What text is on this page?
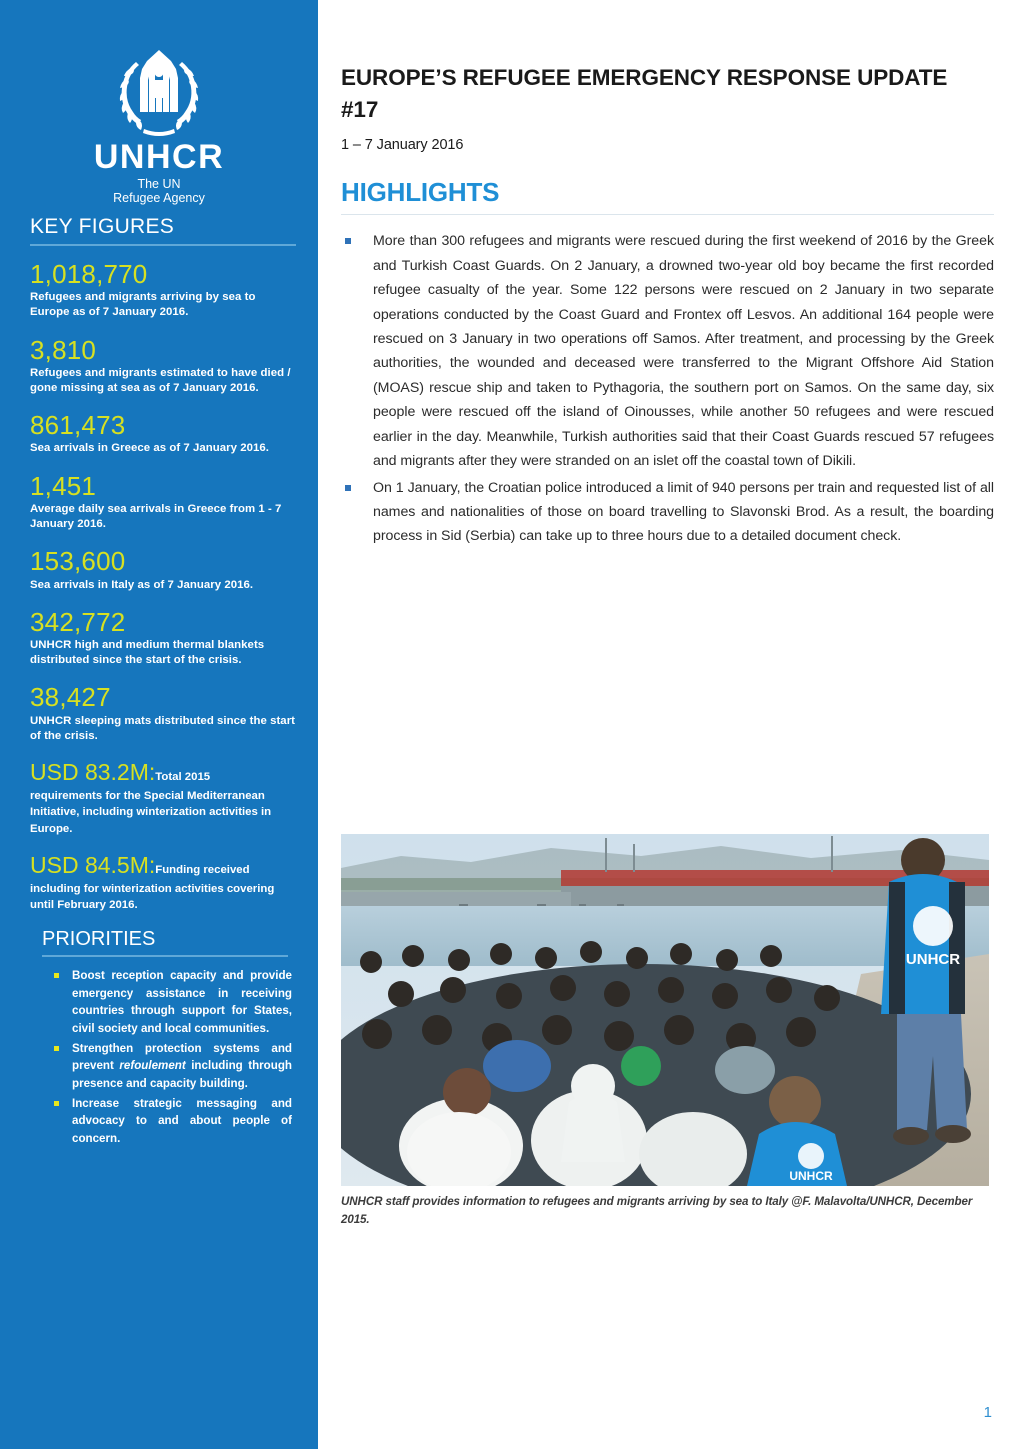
UNHCR
The UN
Refugee Agency
KEY FIGURES
1,018,770
Refugees and migrants arriving by sea to Europe as of 7 January 2016.
3,810
Refugees and migrants estimated to have died / gone missing at sea as of 7 January 2016.
861,473
Sea arrivals in Greece as of 7 January 2016.
1,451
Average daily sea arrivals in Greece from 1 - 7 January 2016.
153,600
Sea arrivals in Italy as of 7 January 2016.
342,772
UNHCR high and medium thermal blankets distributed since the start of the crisis.
38,427
UNHCR sleeping mats distributed since the start of the crisis.
USD 83.2M:Total 2015
requirements for the Special Mediterranean Initiative, including winterization activities in Europe.
USD 84.5M:Funding received
including for winterization activities covering until February 2016.
PRIORITIES
Boost reception capacity and provide emergency assistance in receiving countries through support for States, civil society and local communities.
Strengthen protection systems and prevent refoulement including through presence and capacity building.
Increase strategic messaging and advocacy to and about people of concern.
EUROPE’S REFUGEE EMERGENCY RESPONSE UPDATE #17
1 – 7 January 2016
HIGHLIGHTS
More than 300 refugees and migrants were rescued during the first weekend of 2016 by the Greek and Turkish Coast Guards. On 2 January, a drowned two-year old boy became the first recorded refugee casualty of the year. Some 122 persons were rescued on 2 January in two separate operations conducted by the Coast Guard and Frontex off Lesvos. An additional 164 people were rescued on 3 January in two operations off Samos. After treatment, and processing by the Greek authorities, the wounded and deceased were transferred to the Migrant Offshore Aid Station (MOAS) rescue ship and taken to Pythagoria, the southern port on Samos. On the same day, six people were rescued off the island of Oinousses, while another 50 refugees and were rescued earlier in the day. Meanwhile, Turkish authorities said that their Coast Guards rescued 57 refugees and migrants after they were stranded on an islet off the coastal town of Dikili.
On 1 January, the Croatian police introduced a limit of 940 persons per train and requested list of all names and nationalities of those on board travelling to Slavonski Brod. As a result, the boarding process in Sid (Serbia) can take up to three hours due to a detailed document check.
UNHCR
UNHCR
UNHCR staff provides information to refugees and migrants arriving by sea to Italy @F. Malavolta/UNHCR, December 2015.
1
